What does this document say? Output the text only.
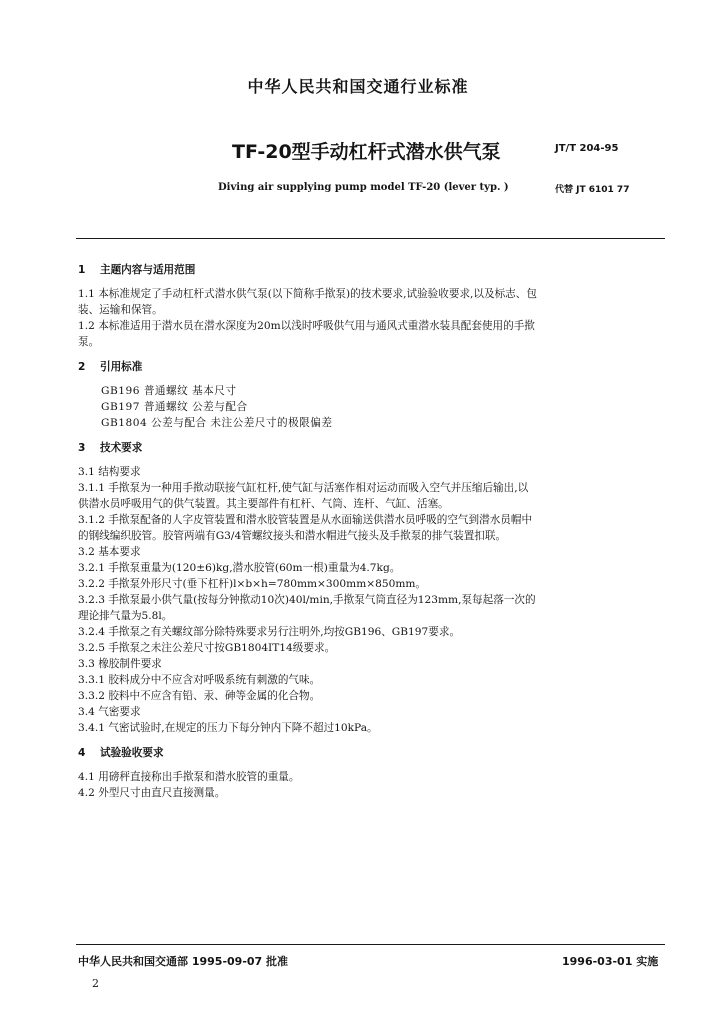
中华人民共和国交通行业标准
TF-20型手动杠杆式潜水供气泵	JT/T 204-95
Diving air supplying pump model TF-20 (lever typ. )	代替 JT 6101 77

1 主题内容与适用范围

1.1 本标准规定了手动杠杆式潜水供气泵(以下简称手揿泵)的技术要求,试验验收要求,以及标志、包

装、运输和保管。

1.2 本标准适用于潜水员在潜水深度为20m以浅时呼吸供气用与通风式重潜水装具配套使用的手揿

泵。

2 引用标准

GB196 普通螺纹 基本尺寸

GB197 普通螺纹 公差与配合

GB1804 公差与配合 未注公差尺寸的极限偏差

3 技术要求

3.1 结构要求

3.1.1 手揿泵为一种用手揿动联接气缸杠杆,使气缸与活塞作相对运动而吸入空气并压缩后输出,以

供潜水员呼吸用气的供气装置。其主要部件有杠杆、气筒、连杆、气缸、活塞。

3.1.2 手揿泵配备的人字皮管装置和潜水胶管装置是从水面输送供潜水员呼吸的空气到潜水员帽中

的钢线编织胶管。胶管两端有G3/4管螺纹接头和潜水帽进气接头及手揿泵的排气装置扣联。

3.2 基本要求

3.2.1 手揿泵重量为(120±6)kg,潜水胶管(60m一根)重量为4.7kg。

3.2.2 手揿泵外形尺寸(垂下杠杆)l×b×h=780mm×300mm×850mm。

3.2.3 手揿泵最小供气量(按每分钟揿动10次)40l/min,手揿泵气筒直径为123mm,泵每起落一次的

理论排气量为5.8l。

3.2.4 手揿泵之有关螺纹部分除特殊要求另行注明外,均按GB196、GB197要求。

3.2.5 手揿泵之未注公差尺寸按GB1804IT14级要求。

3.3 橡胶制件要求

3.3.1 胶料成分中不应含对呼吸系统有刺激的气味。

3.3.2 胶料中不应含有铅、汞、砷等金属的化合物。

3.4 气密要求

3.4.1 气密试验时,在规定的压力下每分钟内下降不超过10kPa。

4 试验验收要求

4.1 用磅秤直接称出手揿泵和潜水胶管的重量。

4.2 外型尺寸由直尺直接测量。

中华人民共和国交通部 1995-09-07 批准	1996-03-01 实施
2
